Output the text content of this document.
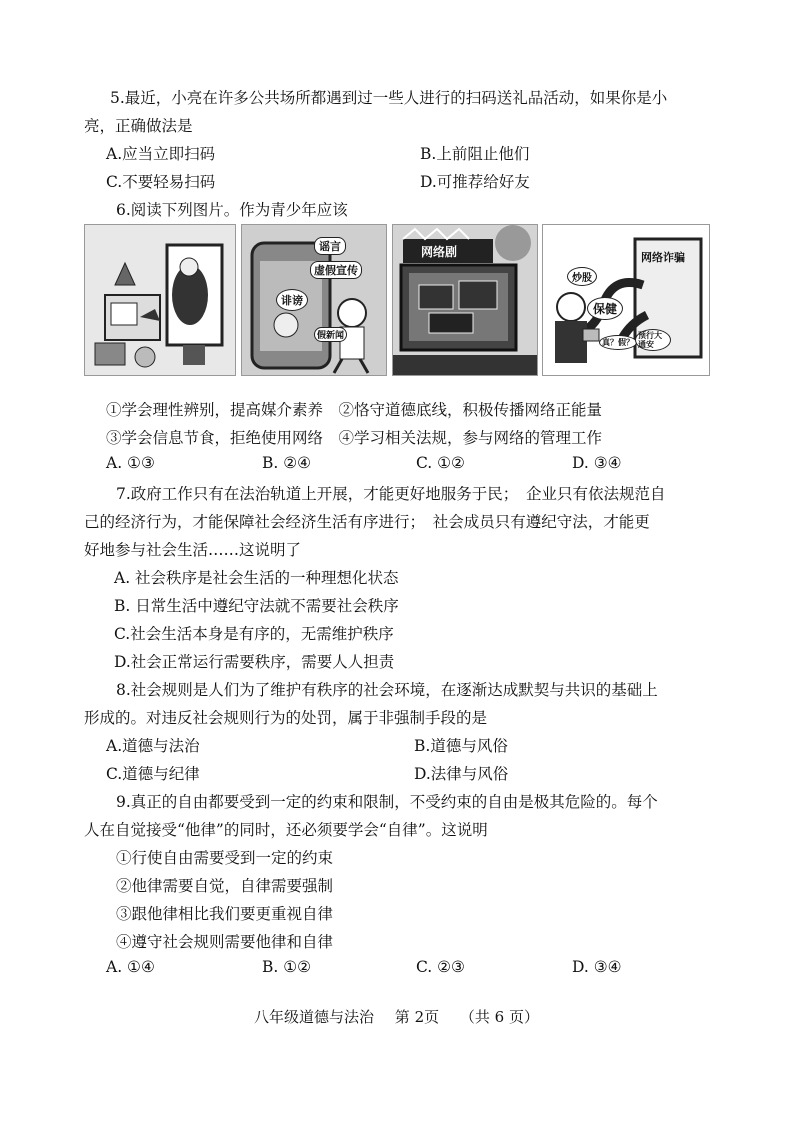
5.最近，小亮在许多公共场所都遇到过一些人进行的扫码送礼品活动，如果你是小
亮，正确做法是
A.应当立即扫码	B.上前阻止他们
C.不要轻易扫码	D.可推荐给好友
6.阅读下列图片。作为青少年应该
谣言
虚假宣传
诽谤
假新闻
网络剧	网络诈骗
炒股
保健
真？假？
预行大通安
①学会理性辨别，提高媒介素养　②恪守道德底线，积极传播网络正能量
③学会信息节食，拒绝使用网络　④学习相关法规，参与网络的管理工作
A. ①③	B. ②④	C. ①②	D. ③④
7.政府工作只有在法治轨道上开展，才能更好地服务于民；　企业只有依法规范自
己的经济行为，才能保障社会经济生活有序进行；　社会成员只有遵纪守法，才能更
好地参与社会生活……这说明了
A. 社会秩序是社会生活的一种理想化状态
B. 日常生活中遵纪守法就不需要社会秩序
C.社会生活本身是有序的，无需维护秩序
D.社会正常运行需要秩序，需要人人担责
8.社会规则是人们为了维护有秩序的社会环境，在逐渐达成默契与共识的基础上
形成的。对违反社会规则行为的处罚，属于非强制手段的是
A.道德与法治	B.道德与风俗
C.道德与纪律	D.法律与风俗
9.真正的自由都要受到一定的约束和限制，不受约束的自由是极其危险的。每个
人在自觉接受“他律”的同时，还必须要学会“自律”。这说明
①行使自由需要受到一定的约束
②他律需要自觉，自律需要强制
③跟他律相比我们要更重视自律
④遵守社会规则需要他律和自律
A. ①④	B. ①②	C. ②③	D. ③④
八年级道德与法治 第 2页 （共 6 页）
